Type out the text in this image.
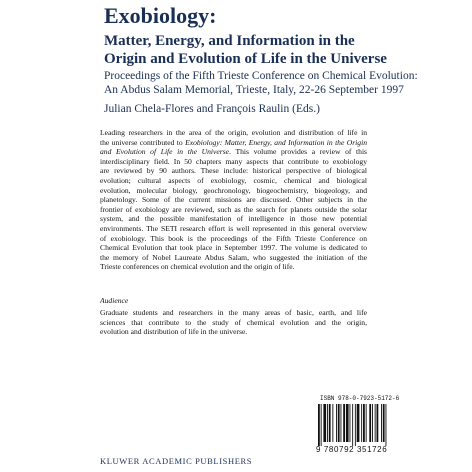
Exobiology:
Matter, Energy, and Information in the
Origin and Evolution of Life in the Universe
Proceedings of the Fifth Trieste Conference on Chemical Evolution:
An Abdus Salam Memorial, Trieste, Italy, 22-26 September 1997
Julian Chela-Flores and François Raulin (Eds.)
Leading researchers in the area of the origin, evolution and distribution of life in
the universe contributed to Exobiology: Matter, Energy, and Information in the Origin
and Evolution of Life in the Universe. This volume provides a review of this
interdisciplinary field. In 50 chapters many aspects that contribute to exobiology
are reviewed by 90 authors. These include: historical perspective of biological
evolution; cultural aspects of exobiology, cosmic, chemical and biological
evolution, molecular biology, geochronology, biogeochemistry, biogeology, and
planetology. Some of the current missions are discussed. Other subjects in the
frontier of exobiology are reviewed, such as the search for planets outside the solar
system, and the possible manifestation of intelligence in those new potential
environments. The SETI research effort is well represented in this general overview
of exobiology. This book is the proceedings of the Fifth Trieste Conference on
Chemical Evolution that took place in September 1997. The volume is dedicated to
the memory of Nobel Laureate Abdus Salam, who suggested the initiation of the
Trieste conferences on chemical evolution and the origin of life.
Audience
Graduate students and researchers in the many areas of basic, earth, and life
sciences that contribute to the study of chemical evolution and the origin,
evolution and distribution of life in the universe.
ISBN 978-0-7923-5172-6
9 780792 351726
KLUWER ACADEMIC PUBLISHERS
